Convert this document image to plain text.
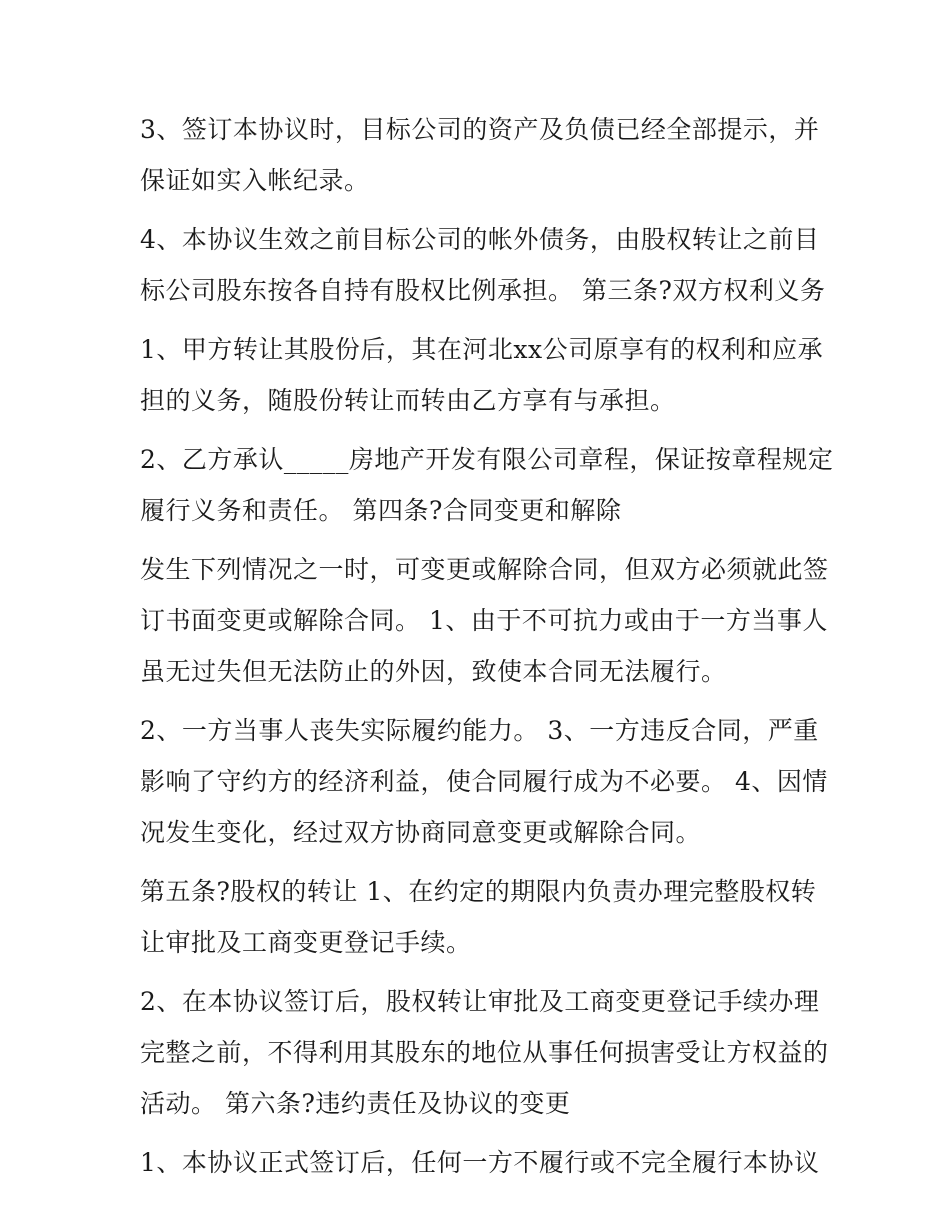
3、签订本协议时，目标公司的资产及负债已经全部提示，并
保证如实入帐纪录。
4、本协议生效之前目标公司的帐外债务，由股权转让之前目
标公司股东按各自持有股权比例承担。 第三条?双方权利义务
1、甲方转让其股份后，其在河北xx公司原享有的权利和应承
担的义务，随股份转让而转由乙方享有与承担。
2、乙方承认_____房地产开发有限公司章程，保证按章程规定
履行义务和责任。 第四条?合同变更和解除
发生下列情况之一时，可变更或解除合同，但双方必须就此签
订书面变更或解除合同。 1、由于不可抗力或由于一方当事人
虽无过失但无法防止的外因，致使本合同无法履行。
2、一方当事人丧失实际履约能力。 3、一方违反合同，严重
影响了守约方的经济利益，使合同履行成为不必要。 4、因情
况发生变化，经过双方协商同意变更或解除合同。
第五条?股权的转让 1、在约定的期限内负责办理完整股权转
让审批及工商变更登记手续。
2、在本协议签订后，股权转让审批及工商变更登记手续办理
完整之前，不得利用其股东的地位从事任何损害受让方权益的
活动。 第六条?违约责任及协议的变更
1、本协议正式签订后，任何一方不履行或不完全履行本协议
